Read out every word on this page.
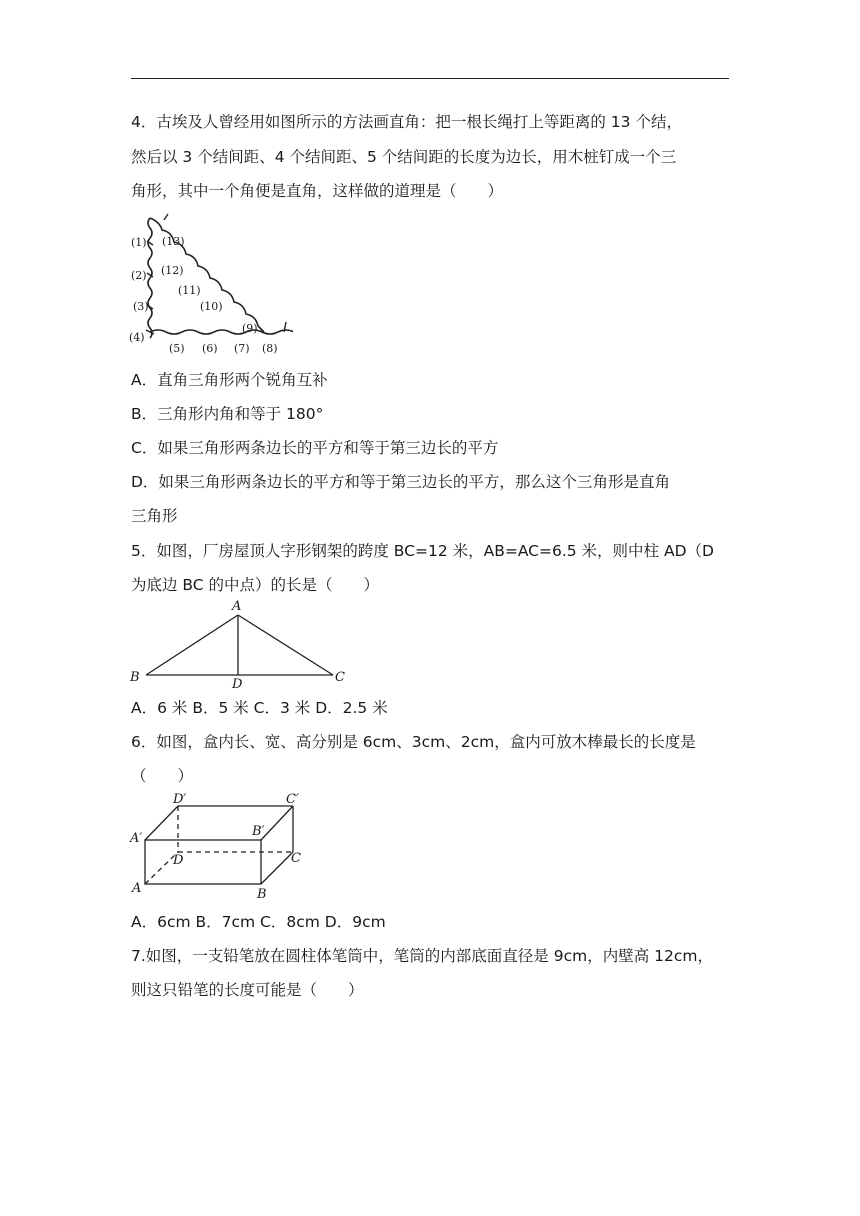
4．古埃及人曾经用如图所示的方法画直角：把一根长绳打上等距离的 13 个结，
然后以 3 个结间距、4 个结间距、5 个结间距的长度为边长，用木桩钉成一个三
角形，其中一个角便是直角，这样做的道理是（　　）
(1) (13)
(2) (12)
(11)
(10)
(3)
(9)
(4)
(5) (6) (7) (8)
A．直角三角形两个锐角互补
B．三角形内角和等于 180°
C．如果三角形两条边长的平方和等于第三边长的平方
D．如果三角形两条边长的平方和等于第三边长的平方，那么这个三角形是直角
三角形
5．如图，厂房屋顶人字形钢架的跨度 BC=12 米，AB=AC=6.5 米，则中柱 AD（D
为底边 BC 的中点）的长是（　　）
A
B	C
D
A．6 米 B．5 米 C．3 米 D．2.5 米
6．如图，盒内长、宽、高分别是 6cm、3cm、2cm，盒内可放木棒最长的长度是
（　　）
D′	C′
A′	B′
D	C
A	B
A．6cm B．7cm C．8cm D．9cm
7.如图，一支铅笔放在圆柱体笔筒中，笔筒的内部底面直径是 9cm，内壁高 12cm，
则这只铅笔的长度可能是（　　）
